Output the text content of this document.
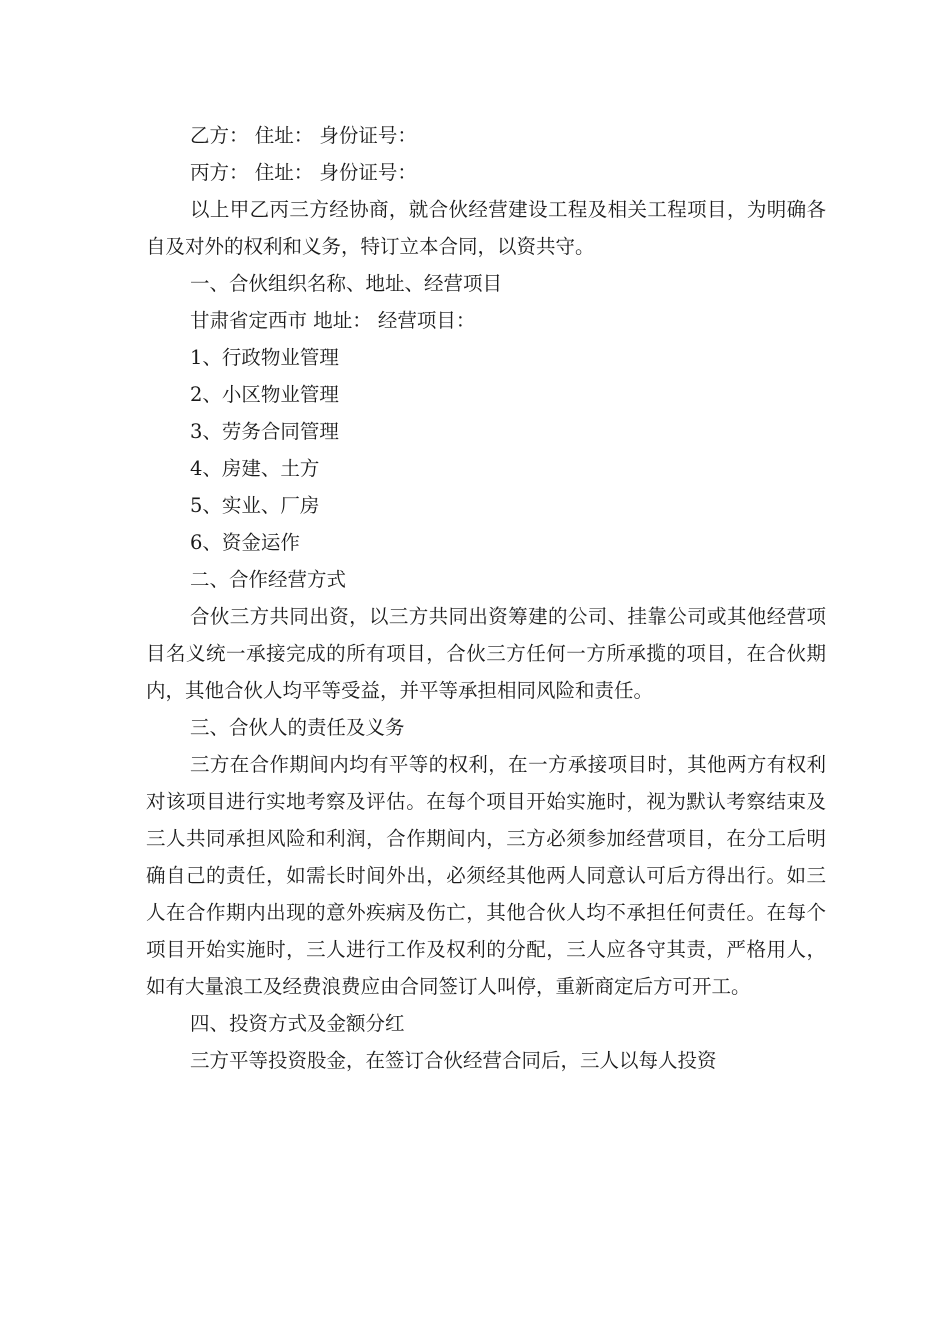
乙方： 住址： 身份证号：

丙方： 住址： 身份证号：

以上甲乙丙三方经协商，就合伙经营建设工程及相关工程项目，为明确各自及对外的权利和义务，特订立本合同，以资共守。

一、合伙组织名称、地址、经营项目

甘肃省定西市 地址： 经营项目：

1、行政物业管理

2、小区物业管理

3、劳务合同管理

4、房建、土方

5、实业、厂房

6、资金运作

二、合作经营方式

合伙三方共同出资，以三方共同出资筹建的公司、挂靠公司或其他经营项目名义统一承接完成的所有项目，合伙三方任何一方所承揽的项目，在合伙期内，其他合伙人均平等受益，并平等承担相同风险和责任。

三、合伙人的责任及义务

三方在合作期间内均有平等的权利，在一方承接项目时，其他两方有权利对该项目进行实地考察及评估。在每个项目开始实施时，视为默认考察结束及三人共同承担风险和利润，合作期间内，三方必须参加经营项目，在分工后明确自己的责任，如需长时间外出，必须经其他两人同意认可后方得出行。如三人在合作期内出现的意外疾病及伤亡，其他合伙人均不承担任何责任。在每个项目开始实施时，三人进行工作及权利的分配，三人应各守其责，严格用人，如有大量浪工及经费浪费应由合同签订人叫停，重新商定后方可开工。

四、投资方式及金额分红

三方平等投资股金，在签订合伙经营合同后，三人以每人投资
